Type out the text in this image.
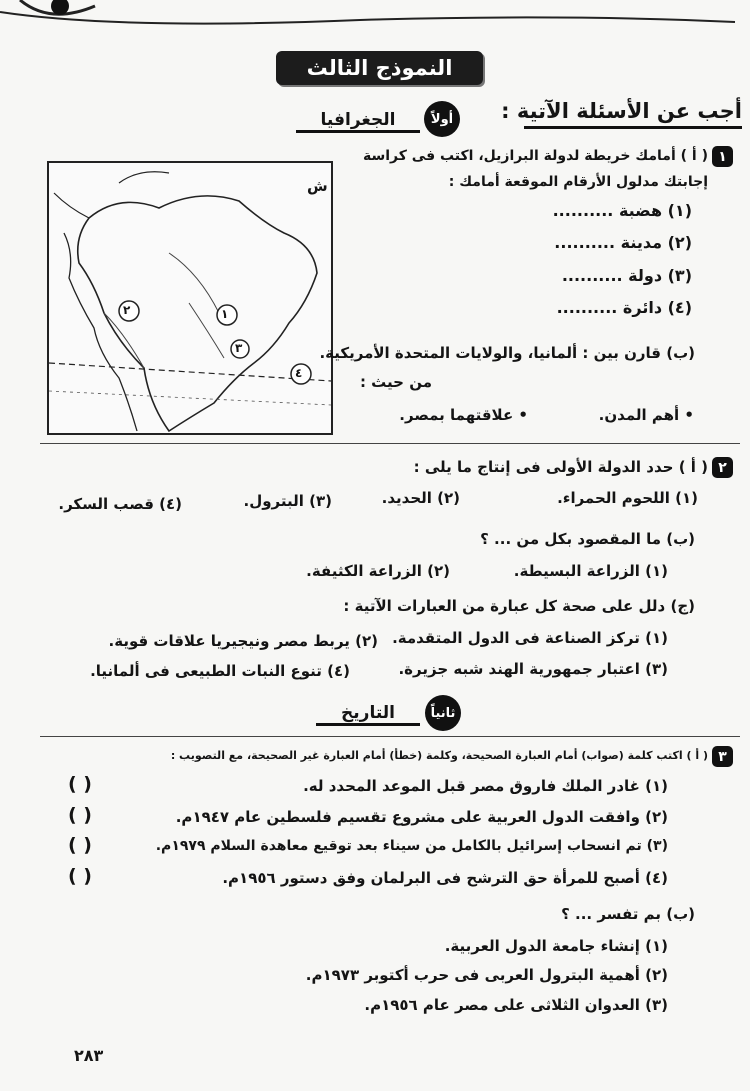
النموذج الثالث
أجب عن الأسئلة الآتية :
أولاً
الجغرافيا
١
( أ ) أمامك خريطة لدولة البرازيل، اكتب فى كراسة
إجابتك مدلول الأرقام الموقعة أمامك :
(١) هضبة ..........
(٢) مدينة ..........
(٣) دولة ..........
(٤) دائرة ..........
٢	١
٣
٤
ش
(ب) قارن بين : ألمانيا، والولايات المتحدة الأمريكية.
من حيث :
• أهم المدن.
• علاقتهما بمصر.
٢
( أ ) حدد الدولة الأولى فى إنتاج ما يلى :
(١) اللحوم الحمراء.
(٢) الحديد.
(٣) البترول.
(٤) قصب السكر.
(ب) ما المقصود بكل من ... ؟
(١) الزراعة البسيطة.
(٢) الزراعة الكثيفة.
(ج) دلل على صحة كل عبارة من العبارات الآتية :
(١) تركز الصناعة فى الدول المتقدمة.
(٢) يربط مصر ونيجيريا علاقات قوية.
(٣) اعتبار جمهورية الهند شبه جزيرة.
(٤) تنوع النبات الطبيعى فى ألمانيا.
ثانياً
التاريخ
٣
( أ ) اكتب كلمة (صواب) أمام العبارة الصحيحة، وكلمة (خطأ) أمام العبارة غير الصحيحة، مع التصويب :
(١) غادر الملك فاروق مصر قبل الموعد المحدد له.
(٢) وافقت الدول العربية على مشروع تقسيم فلسطين عام ١٩٤٧م.
(٣) تم انسحاب إسرائيل بالكامل من سيناء بعد توقيع معاهدة السلام ١٩٧٩م.
(٤) أصبح للمرأة حق الترشح فى البرلمان وفق دستور ١٩٥٦م.
( )
( )
( )
( )
(ب) بم تفسر ... ؟
(١) إنشاء جامعة الدول العربية.
(٢) أهمية البترول العربى فى حرب أكتوبر ١٩٧٣م.
(٣) العدوان الثلاثى على مصر عام ١٩٥٦م.
٢٨٣
